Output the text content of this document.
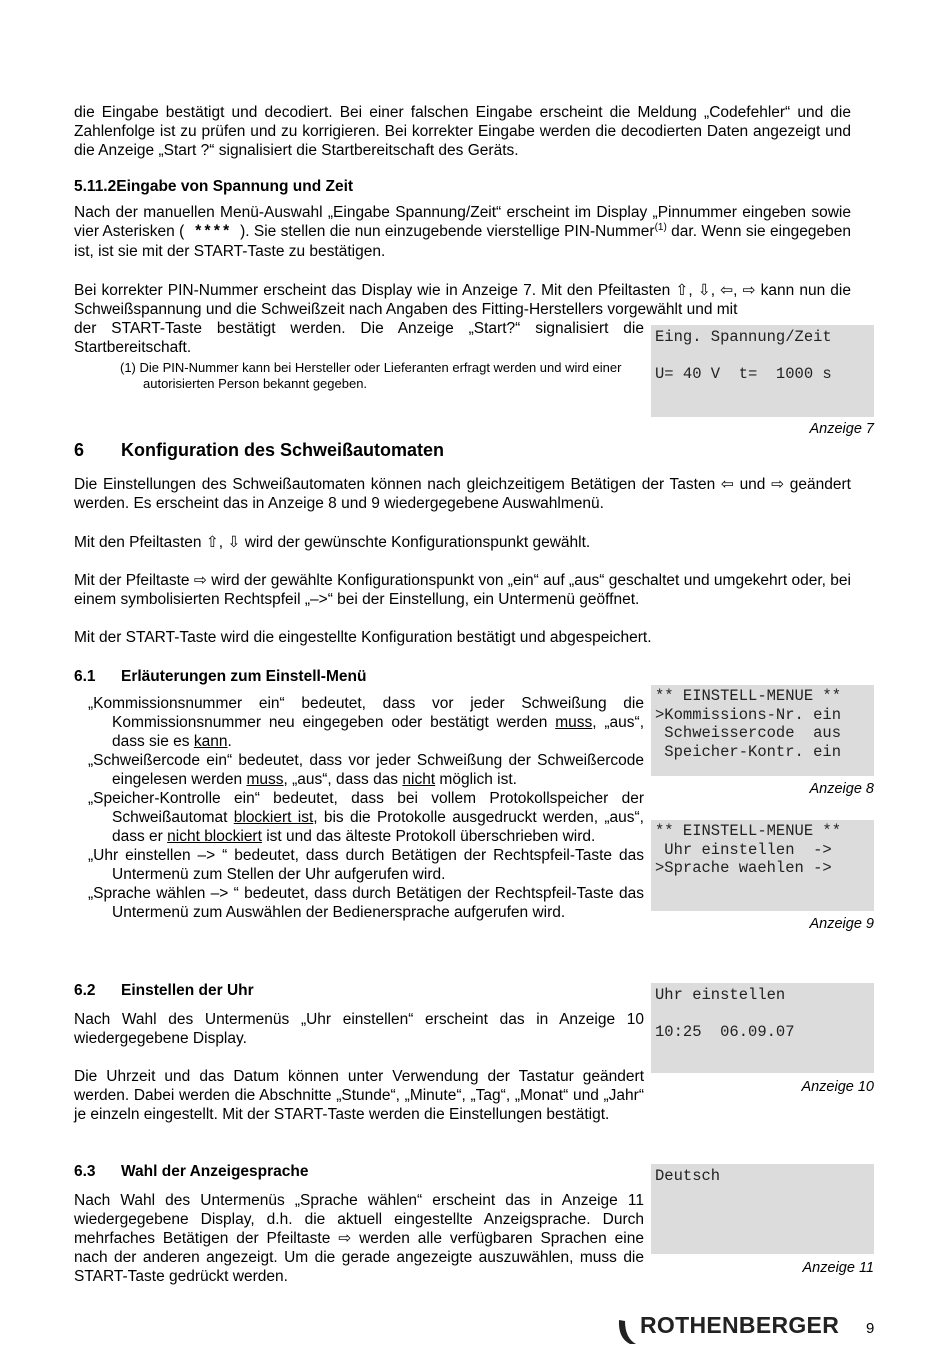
die Eingabe bestätigt und decodiert. Bei einer falschen Eingabe erscheint die Meldung „Codefehler“ und die Zahlenfolge ist zu prüfen und zu korrigieren. Bei korrekter Eingabe werden die decodierten Daten angezeigt und die Anzeige „Start ?“ signalisiert die Startbereitschaft des Geräts.
5.11.2Eingabe von Spannung und Zeit
Nach der manuellen Menü-Auswahl „Eingabe Spannung/Zeit“ erscheint im Display „Pinnummer eingeben sowie vier Asterisken ( **** ). Sie stellen die nun einzugebende vierstellige PIN-Nummer$^{(1)}$ dar. Wenn sie eingegeben ist, ist sie mit der START-Taste zu bestätigen.
Bei korrekter PIN-Nummer erscheint das Display wie in Anzeige 7. Mit den Pfeiltasten ⇧, ⇩, ⇦, ⇨ kann nun die Schweißspannung und die Schweißzeit nach Angaben des Fitting-Herstellers vorgewählt und mit
der START-Taste bestätigt werden. Die Anzeige „Start?“ signalisiert die Startbereitschaft.
(1) Die PIN-Nummer kann bei Hersteller oder Lieferanten erfragt werden und wird einer autorisierten Person bekannt gegeben.
Eing. Spannung/Zeit
U= 40 V  t=  1000 s
Anzeige 7
6 Konfiguration des Schweißautomaten
Die Einstellungen des Schweißautomaten können nach gleichzeitigem Betätigen der Tasten ⇦ und ⇨ geändert werden. Es erscheint das in Anzeige 8 und 9 wiedergegebene Auswahlmenü.
Mit den Pfeiltasten ⇧, ⇩ wird der gewünschte Konfigurationspunkt gewählt.
Mit der Pfeiltaste ⇨ wird der gewählte Konfigurationspunkt von „ein“ auf „aus“ geschaltet und umgekehrt oder, bei einem symbolisierten Rechtspfeil „–>“ bei der Einstellung, ein Untermenü geöffnet.
Mit der START-Taste wird die eingestellte Konfiguration bestätigt und abgespeichert.
6.1 Erläuterungen zum Einstell-Menü
„Kommissionsnummer ein“ bedeutet, dass vor jeder Schweißung die Kommissionsnummer neu eingegeben oder bestätigt werden muss, „aus“, dass sie es kann.
„Schweißercode ein“ bedeutet, dass vor jeder Schweißung der Schweißercode eingelesen werden muss, „aus“, dass das nicht möglich ist.
„Speicher-Kontrolle ein“ bedeutet, dass bei vollem Protokollspeicher der Schweißautomat blockiert ist, bis die Protokolle ausgedruckt werden, „aus“, dass er nicht blockiert ist und das älteste Protokoll überschrieben wird.
„Uhr einstellen –> “ bedeutet, dass durch Betätigen der Rechtspfeil-Taste das Untermenü zum Stellen der Uhr aufgerufen wird.
„Sprache wählen –> “ bedeutet, dass durch Betätigen der Rechtspfeil-Taste das Untermenü zum Auswählen der Bedienersprache aufgerufen wird.
** EINSTELL-MENUE **
>Kommissions-Nr. ein
Schweissercode  aus
Speicher-Kontr. ein
Anzeige 8
** EINSTELL-MENUE **
Uhr einstellen  ->
>Sprache waehlen ->
Anzeige 9
6.2 Einstellen der Uhr
Nach Wahl des Untermenüs „Uhr einstellen“ erscheint das in Anzeige 10 wiedergegebene Display.
Die Uhrzeit und das Datum können unter Verwendung der Tastatur geändert werden. Dabei werden die Abschnitte „Stunde“, „Minute“, „Tag“, „Monat“ und „Jahr“ je einzeln eingestellt. Mit der START-Taste werden die Einstellungen bestätigt.
Uhr einstellen
10:25  06.09.07
Anzeige 10
6.3 Wahl der Anzeigesprache
Nach Wahl des Untermenüs „Sprache wählen“ erscheint das in Anzeige 11 wiedergegebene Display, d.h. die aktuell eingestellte Anzeigsprache. Durch mehrfaches Betätigen der Pfeiltaste ⇨ werden alle verfügbaren Sprachen eine nach der anderen angezeigt. Um die gerade angezeigte auszuwählen, muss die START-Taste gedrückt werden.
Deutsch
Anzeige 11
ROTHENBERGER 9
